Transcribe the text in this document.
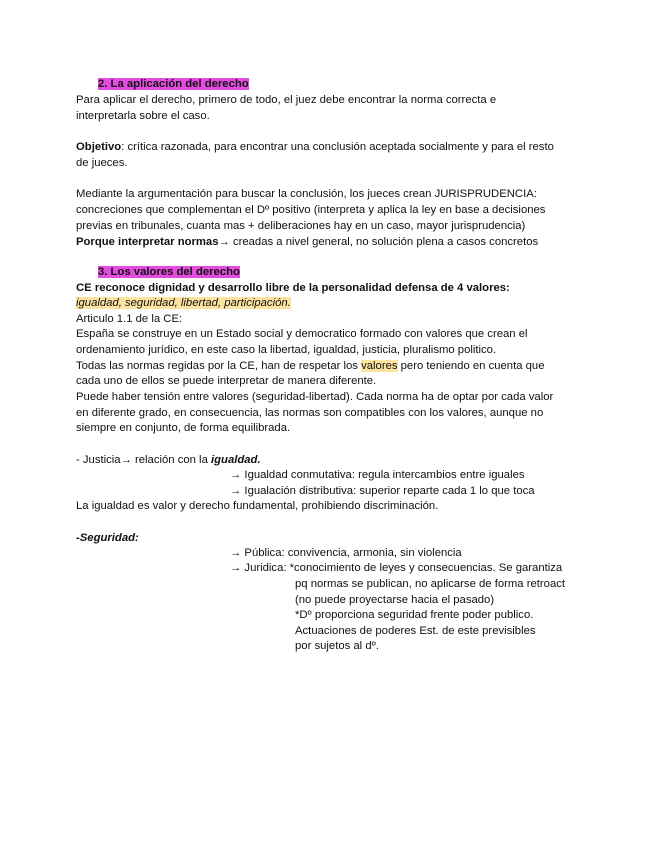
2. La aplicación del derecho
Para aplicar el derecho, primero de todo, el juez debe encontrar la norma correcta e
interpretarla sobre el caso.
Objetivo: crítica razonada, para encontrar una conclusión aceptada socialmente y para el resto
de jueces.
Mediante la argumentación para buscar la conclusión, los jueces crean JURISPRUDENCIA:
concreciones que complementan el Dº positivo (interpreta y aplica la ley en base a decisiones
previas en tribunales, cuanta mas + deliberaciones hay en un caso, mayor jurisprudencia)
Porque interpretar normas→ creadas a nivel general, no solución plena a casos concretos
3. Los valores del derecho
CE reconoce dignidad y desarrollo libre de la personalidad defensa de 4 valores:
igualdad, seguridad, libertad, participación.
Articulo 1.1 de la CE:
España se construye en un Estado social y democratico formado con valores que crean el
ordenamiento jurídico, en este caso la libertad, igualdad, justicia, pluralismo politico.
Todas las normas regidas por la CE, han de respetar los valores pero teniendo en cuenta que
cada uno de ellos se puede interpretar de manera diferente.
Puede haber tensión entre valores (seguridad-libertad). Cada norma ha de optar por cada valor
en diferente grado, en consecuencia, las normas son compatibles con los valores, aunque no
siempre en conjunto, de forma equilibrada.
- Justicia→ relación con la igualdad.
→ Igualdad conmutativa: regula intercambios entre iguales
→ Igualación distributiva: superior reparte cada 1 lo que toca
La igualdad es valor y derecho fundamental, prohibiendo discriminación.
-Seguridad:
→ Pública: convivencia, armonia, sin violencia
→ Juridica: *conocimiento de leyes y consecuencias. Se garantiza
pq normas se publican, no aplicarse de forma retroact
(no puede proyectarse hacia el pasado)
*Dº proporciona seguridad frente poder publico.
Actuaciones de poderes Est. de este previsibles
por sujetos al dº.
